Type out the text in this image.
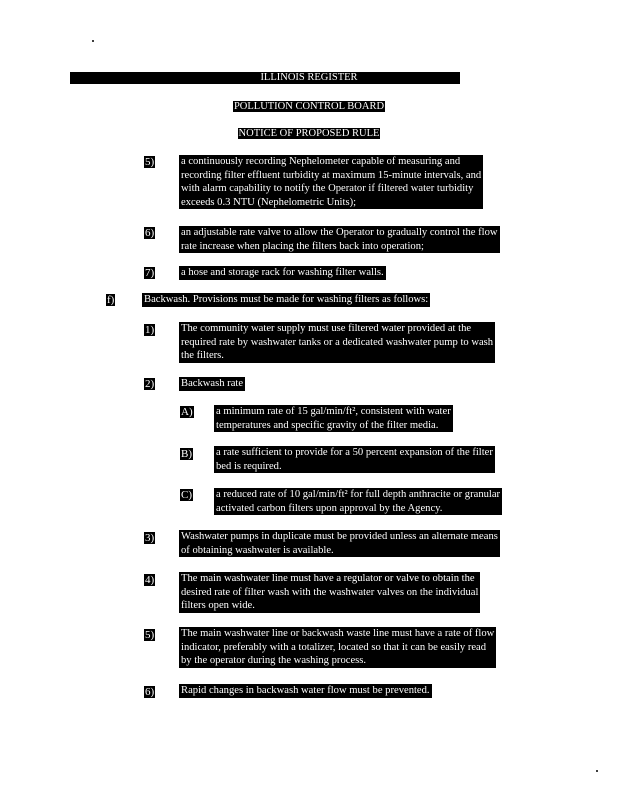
ILLINOIS REGISTER
POLLUTION CONTROL BOARD
NOTICE OF PROPOSED RULE
5)	a continuously recording Nephelometer capable of measuring and
recording filter effluent turbidity at maximum 15-minute intervals, and
with alarm capability to notify the Operator if filtered water turbidity
exceeds 0.3 NTU (Nephelometric Units);
6)	an adjustable rate valve to allow the Operator to gradually control the flow
rate increase when placing the filters back into operation;
7)	a hose and storage rack for washing filter walls.
f)	Backwash. Provisions must be made for washing filters as follows:
1)	The community water supply must use filtered water provided at the
required rate by washwater tanks or a dedicated washwater pump to wash
the filters.
2)	Backwash rate
A) a minimum rate of 15 gal/min/ft², consistent with water
temperatures and specific gravity of the filter media.
B) a rate sufficient to provide for a 50 percent expansion of the filter
bed is required.
C) a reduced rate of 10 gal/min/ft² for full depth anthracite or granular
activated carbon filters upon approval by the Agency.
3)	Washwater pumps in duplicate must be provided unless an alternate means
of obtaining washwater is available.
4)	The main washwater line must have a regulator or valve to obtain the
desired rate of filter wash with the washwater valves on the individual
filters open wide.
5)	The main washwater line or backwash waste line must have a rate of flow
indicator, preferably with a totalizer, located so that it can be easily read
by the operator during the washing process.
6)	Rapid changes in backwash water flow must be prevented.
